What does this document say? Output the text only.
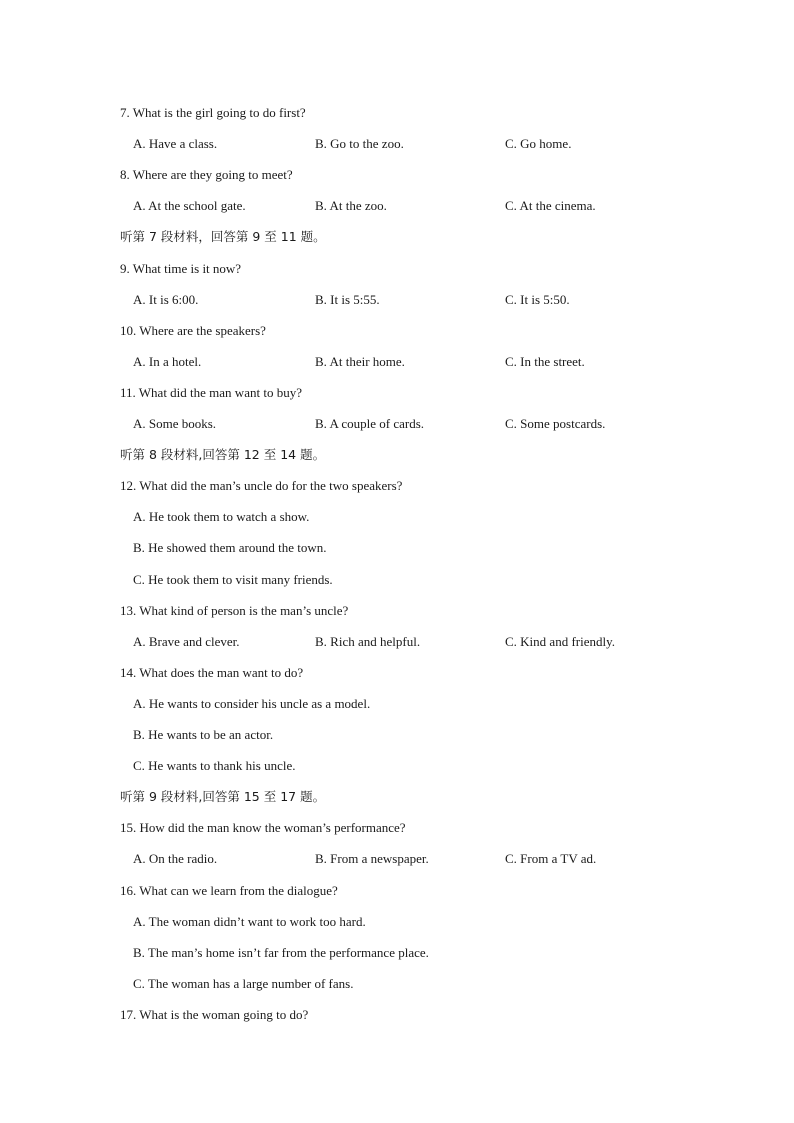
7. What is the girl going to do first?
A. Have a class.	B. Go to the zoo.	C. Go home.
8. Where are they going to meet?
A. At the school gate.	B. At the zoo.	C. At the cinema.
听第 7 段材料，回答第 9 至 11 题。
9. What time is it now?
A. It is 6:00.	B. It is 5:55.	C. It is 5:50.
10. Where are the speakers?
A. In a hotel.	B. At their home.	C. In the street.
11. What did the man want to buy?
A. Some books.	B. A couple of cards.	C. Some postcards.
听第 8 段材料,回答第 12 至 14 题。
12. What did the man’s uncle do for the two speakers?
A. He took them to watch a show.
B. He showed them around the town.
C. He took them to visit many friends.
13. What kind of person is the man’s uncle?
A. Brave and clever.	B. Rich and helpful.	C. Kind and friendly.
14. What does the man want to do?
A. He wants to consider his uncle as a model.
B. He wants to be an actor.
C. He wants to thank his uncle.
听第 9 段材料,回答第 15 至 17 题。
15. How did the man know the woman’s performance?
A. On the radio.	B. From a newspaper.	C. From a TV ad.
16. What can we learn from the dialogue?
A. The woman didn’t want to work too hard.
B. The man’s home isn’t far from the performance place.
C. The woman has a large number of fans.
17. What is the woman going to do?
